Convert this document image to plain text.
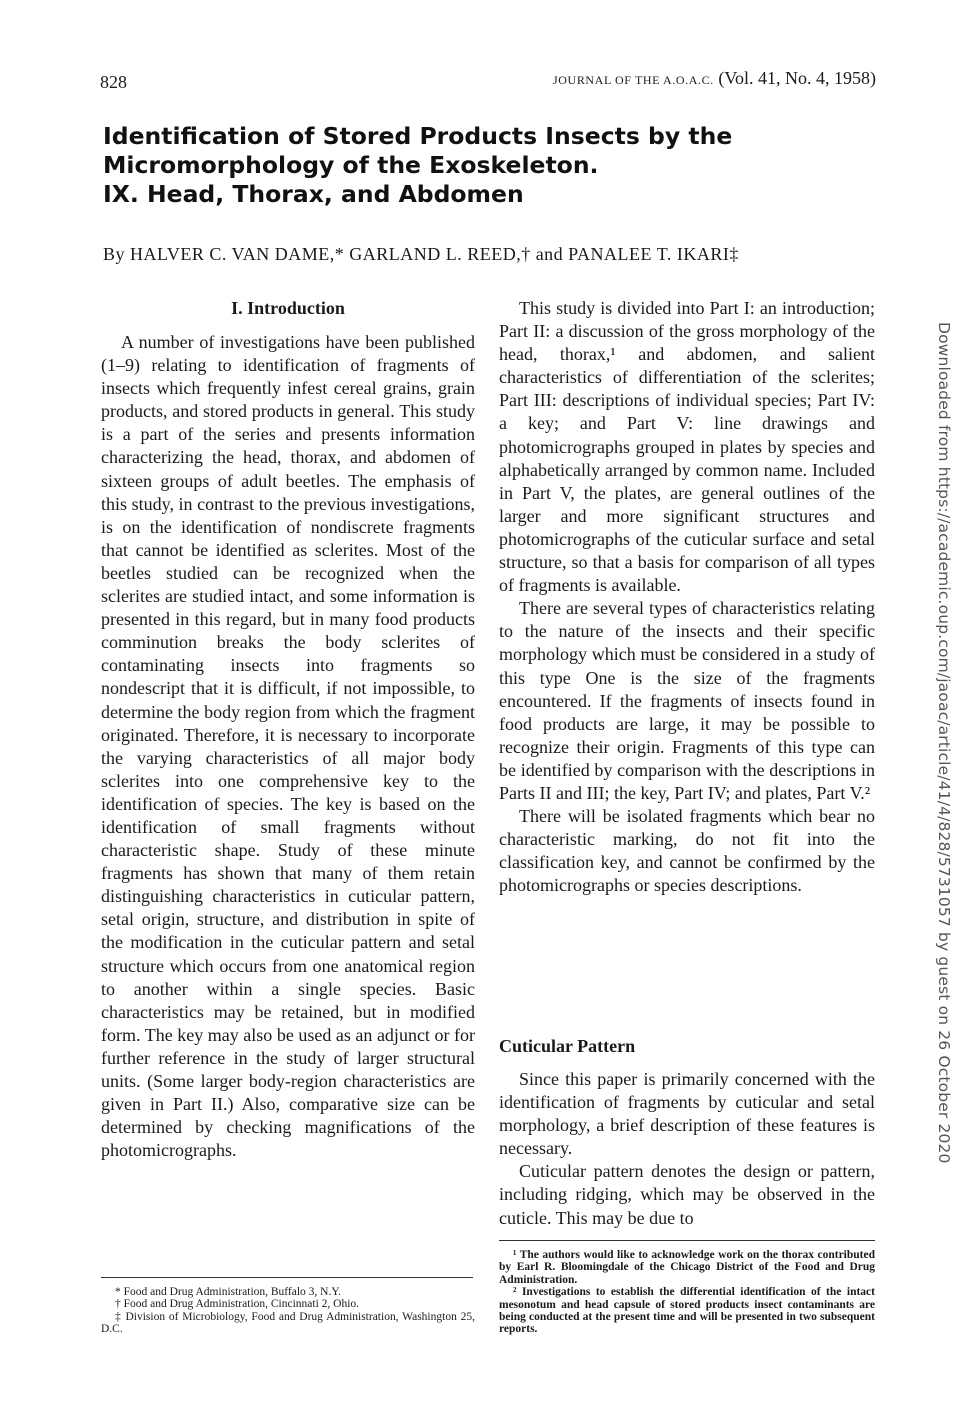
828	JOURNAL OF THE A.O.A.C. (Vol. 41, No. 4, 1958)
Identification of Stored Products Insects by the
Micromorphology of the Exoskeleton.
IX. Head, Thorax, and Abdomen
By HALVER C. VAN DAME,* GARLAND L. REED,† and PANALEE T. IKARI‡
I. Introduction

A number of investigations have been published (1–9) relating to identification of fragments of insects which frequently infest cereal grains, grain products, and stored products in general. This study is a part of the series and presents information characterizing the head, thorax, and abdomen of sixteen groups of adult beetles. The emphasis of this study, in contrast to the previous investigations, is on the identification of nondiscrete fragments that cannot be identified as sclerites. Most of the beetles studied can be recognized when the sclerites are studied intact, and some information is presented in this regard, but in many food products comminution breaks the body sclerites of contaminating insects into fragments so nondescript that it is difficult, if not impossible, to determine the body region from which the fragment originated. Therefore, it is necessary to incorporate the varying characteristics of all major body sclerites into one comprehensive key to the identification of species. The key is based on the identification of small fragments without characteristic shape. Study of these minute fragments has shown that many of them retain distinguishing characteristics in cuticular pattern, setal origin, structure, and distribution in spite of the modification in the cuticular pattern and setal structure which occurs from one anatomical region to another within a single species. Basic characteristics may be retained, but in modified form. The key may also be used as an adjunct or for further reference in the study of larger structural units. (Some larger body-region characteristics are given in Part II.) Also, comparative size can be determined by checking magnifications of the photomicrographs.

This study is divided into Part I: an introduction; Part II: a discussion of the gross morphology of the head, thorax,¹ and abdomen, and salient characteristics of differentiation of the sclerites; Part III: descriptions of individual species; Part IV: a key; and Part V: line drawings and photomicrographs grouped in plates by species and alphabetically arranged by common name. Included in Part V, the plates, are general outlines of the larger and more significant structures and photomicrographs of the cuticular surface and setal structure, so that a basis for comparison of all types of fragments is available.

There are several types of characteristics relating to the nature of the insects and their specific morphology which must be considered in a study of this type One is the size of the fragments encountered. If the fragments of insects found in food products are large, it may be possible to recognize their origin. Fragments of this type can be identified by comparison with the descriptions in Parts II and III; the key, Part IV; and plates, Part V.²

There will be isolated fragments which bear no characteristic marking, do not fit into the classification key, and cannot be confirmed by the photomicrographs or species descriptions.

Cuticular Pattern

Since this paper is primarily concerned with the identification of fragments by cuticular and setal morphology, a brief description of these features is necessary.

Cuticular pattern denotes the design or pattern, including ridging, which may be observed in the cuticle. This may be due to

* Food and Drug Administration, Buffalo 3, N.Y.

† Food and Drug Administration, Cincinnati 2, Ohio.

‡ Division of Microbiology, Food and Drug Administration, Washington 25, D.C.

¹ The authors would like to acknowledge work on the thorax contributed by Earl R. Bloomingdale of the Chicago District of the Food and Drug Administration.

² Investigations to establish the differential identification of the intact mesonotum and head capsule of stored products insect contaminants are being conducted at the present time and will be presented in two subsequent reports.

Downloaded from https://academic.oup.com/jaoac/article/41/4/828/5731057 by guest on 26 October 2020
